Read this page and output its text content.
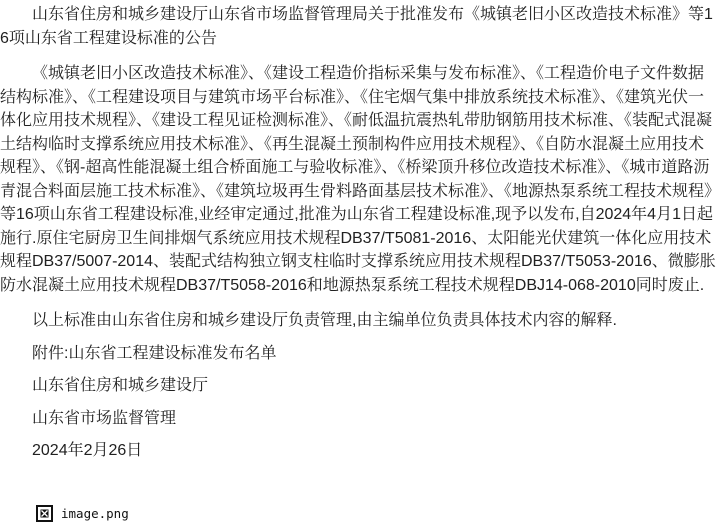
山东省住房和城乡建设厅山东省市场监督管理局关于批准发布《城镇老旧小区改造技术标准》等16项山东省工程建设标准的公告

《城镇老旧小区改造技术标准》、《建设工程造价指标采集与发布标准》、《工程造价电子文件数据结构标准》、《工程建设项目与建筑市场平台标准》、《住宅烟气集中排放系统技术标准》、《建筑光伏一体化应用技术规程》、《建设工程见证检测标准》、《耐低温抗震热轧带肋钢筋用技术标准、《装配式混凝土结构临时支撑系统应用技术标准》、《再生混凝土预制构件应用技术规程》、《自防水混凝土应用技术规程》、《钢-超高性能混凝土组合桥面施工与验收标准》、《桥梁顶升移位改造技术标准》、《城市道路沥青混合料面层施工技术标准》、《建筑垃圾再生骨料路面基层技术标准》、《地源热泵系统工程技术规程》等16项山东省工程建设标准,业经审定通过,批准为山东省工程建设标准,现予以发布,自2024年4月1日起施行.原住宅厨房卫生间排烟气系统应用技术规程DB37/T5081-2016、太阳能光伏建筑一体化应用技术规程DB37/5007-2014、装配式结构独立钢支柱临时支撑系统应用技术规程DB37/T5053-2016、微膨胀防水混凝土应用技术规程DB37/T5058-2016和地源热泵系统工程技术规程DBJ14-068-2010同时废止.

以上标准由山东省住房和城乡建设厅负责管理,由主编单位负责具体技术内容的解释.

附件:山东省工程建设标准发布名单

山东省住房和城乡建设厅

山东省市场监督管理

2024年2月26日

image.png
